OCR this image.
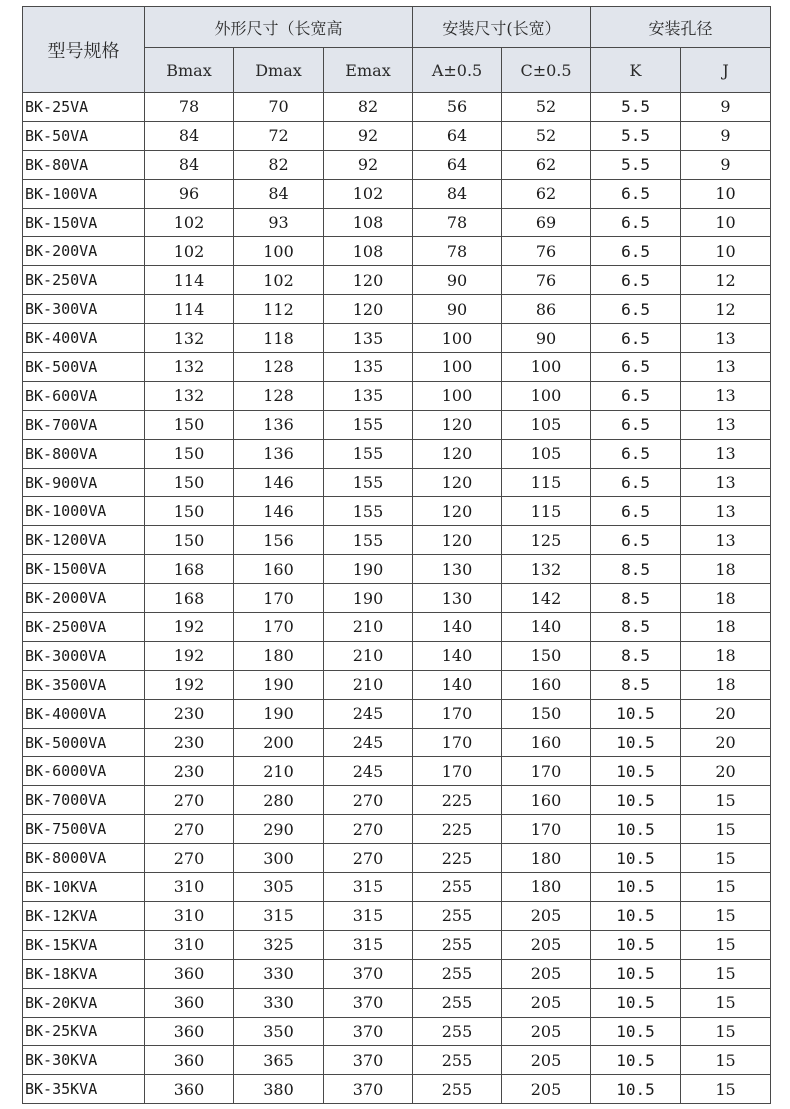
型号规格	外形尺寸（长宽高			安装尺寸(长宽）		安装孔径	
	Bmax	Dmax	Emax	A±0.5	C±0.5	K	J
BK-25VA	78	70	82	56	52	5.5	9
BK-50VA	84	72	92	64	52	5.5	9
BK-80VA	84	82	92	64	62	5.5	9
BK-100VA	96	84	102	84	62	6.5	10
BK-150VA	102	93	108	78	69	6.5	10
BK-200VA	102	100	108	78	76	6.5	10
BK-250VA	114	102	120	90	76	6.5	12
BK-300VA	114	112	120	90	86	6.5	12
BK-400VA	132	118	135	100	90	6.5	13
BK-500VA	132	128	135	100	100	6.5	13
BK-600VA	132	128	135	100	100	6.5	13
BK-700VA	150	136	155	120	105	6.5	13
BK-800VA	150	136	155	120	105	6.5	13
BK-900VA	150	146	155	120	115	6.5	13
BK-1000VA	150	146	155	120	115	6.5	13
BK-1200VA	150	156	155	120	125	6.5	13
BK-1500VA	168	160	190	130	132	8.5	18
BK-2000VA	168	170	190	130	142	8.5	18
BK-2500VA	192	170	210	140	140	8.5	18
BK-3000VA	192	180	210	140	150	8.5	18
BK-3500VA	192	190	210	140	160	8.5	18
BK-4000VA	230	190	245	170	150	10.5	20
BK-5000VA	230	200	245	170	160	10.5	20
BK-6000VA	230	210	245	170	170	10.5	20
BK-7000VA	270	280	270	225	160	10.5	15
BK-7500VA	270	290	270	225	170	10.5	15
BK-8000VA	270	300	270	225	180	10.5	15
BK-10KVA	310	305	315	255	180	10.5	15
BK-12KVA	310	315	315	255	205	10.5	15
BK-15KVA	310	325	315	255	205	10.5	15
BK-18KVA	360	330	370	255	205	10.5	15
BK-20KVA	360	330	370	255	205	10.5	15
BK-25KVA	360	350	370	255	205	10.5	15
BK-30KVA	360	365	370	255	205	10.5	15
BK-35KVA	360	380	370	255	205	10.5	15
